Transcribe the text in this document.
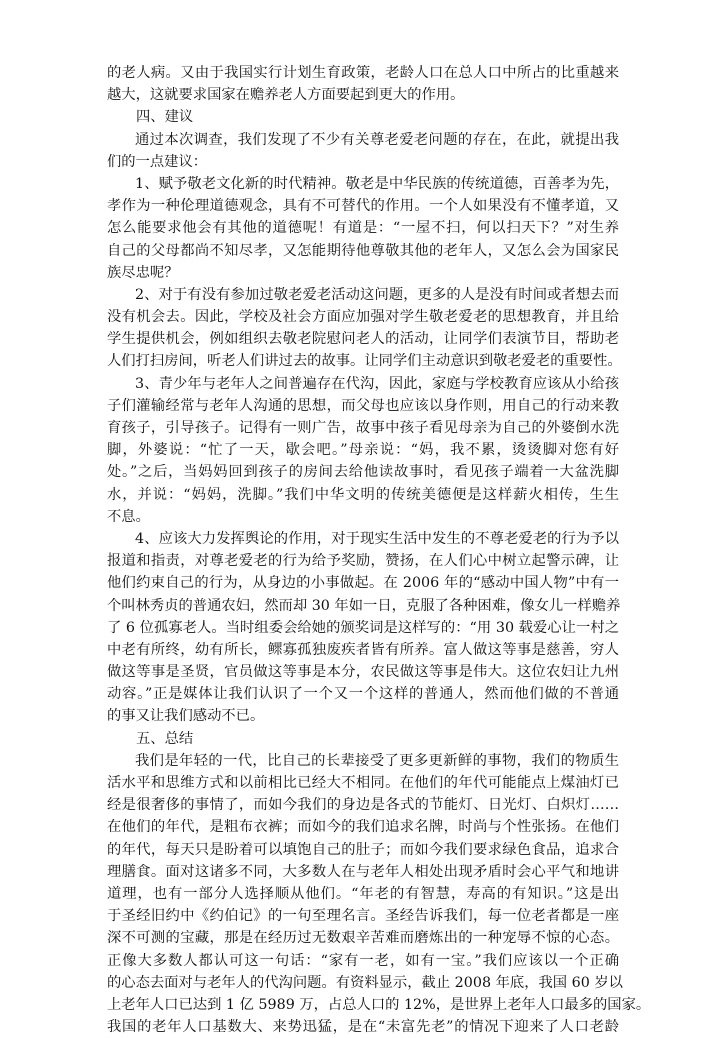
的老人病。又由于我国实行计划生育政策，老龄人口在总人口中所占的比重越来
越大，这就要求国家在赡养老人方面要起到更大的作用。
四、建议
通过本次调查，我们发现了不少有关尊老爱老问题的存在，在此，就提出我
们的一点建议：
1、赋予敬老文化新的时代精神。敬老是中华民族的传统道德，百善孝为先，
孝作为一种伦理道德观念，具有不可替代的作用。一个人如果没有不懂孝道，又
怎么能要求他会有其他的道德呢！有道是：“一屋不扫，何以扫天下？”对生养
自己的父母都尚不知尽孝，又怎能期待他尊敬其他的老年人，又怎么会为国家民
族尽忠呢？
2、对于有没有参加过敬老爱老活动这问题，更多的人是没有时间或者想去而
没有机会去。因此，学校及社会方面应加强对学生敬老爱老的思想教育，并且给
学生提供机会，例如组织去敬老院慰问老人的活动，让同学们表演节目，帮助老
人们打扫房间，听老人们讲过去的故事。让同学们主动意识到敬老爱老的重要性。
3、青少年与老年人之间普遍存在代沟，因此，家庭与学校教育应该从小给孩
子们灌输经常与老年人沟通的思想，而父母也应该以身作则，用自己的行动来教
育孩子，引导孩子。记得有一则广告，故事中孩子看见母亲为自己的外婆倒水洗
脚，外婆说：“忙了一天，歇会吧。”母亲说：“妈，我不累，烫烫脚对您有好
处。”之后，当妈妈回到孩子的房间去给他读故事时，看见孩子端着一大盆洗脚
水，并说：“妈妈，洗脚。”我们中华文明的传统美德便是这样薪火相传，生生
不息。
4、应该大力发挥舆论的作用，对于现实生活中发生的不尊老爱老的行为予以
报道和指责，对尊老爱老的行为给予奖励，赞扬，在人们心中树立起警示碑，让
他们约束自己的行为，从身边的小事做起。在 2006 年的“感动中国人物”中有一
个叫林秀贞的普通农妇，然而却 30 年如一日，克服了各种困难，像女儿一样赡养
了 6 位孤寡老人。当时组委会给她的颁奖词是这样写的：“用 30 载爱心让一村之
中老有所终，幼有所长，鳏寡孤独废疾者皆有所养。富人做这等事是慈善，穷人
做这等事是圣贤，官员做这等事是本分，农民做这等事是伟大。这位农妇让九州
动容。”正是媒体让我们认识了一个又一个这样的普通人，然而他们做的不普通
的事又让我们感动不已。
五、总结
我们是年轻的一代，比自己的长辈接受了更多更新鲜的事物，我们的物质生
活水平和思维方式和以前相比已经大不相同。在他们的年代可能能点上煤油灯已
经是很奢侈的事情了，而如今我们的身边是各式的节能灯、日光灯、白炽灯……
在他们的年代，是粗布衣裤；而如今的我们追求名牌，时尚与个性张扬。在他们
的年代，每天只是盼着可以填饱自己的肚子；而如今我们要求绿色食品，追求合
理膳食。面对这诸多不同，大多数人在与老年人相处出现矛盾时会心平气和地讲
道理，也有一部分人选择顺从他们。“年老的有智慧，寿高的有知识。”这是出
于圣经旧约中《约伯记》的一句至理名言。圣经告诉我们，每一位老者都是一座
深不可测的宝藏，那是在经历过无数艰辛苦难而磨炼出的一种宠辱不惊的心态。
正像大多数人都认可这一句话：“家有一老，如有一宝。”我们应该以一个正确
的心态去面对与老年人的代沟问题。有资料显示，截止 2008 年底，我国 60 岁以
上老年人口已达到 1 亿 5989 万，占总人口的 12%，是世界上老年人口最多的国家。
我国的老年人口基数大、来势迅猛，是在“未富先老”的情况下迎来了人口老龄
